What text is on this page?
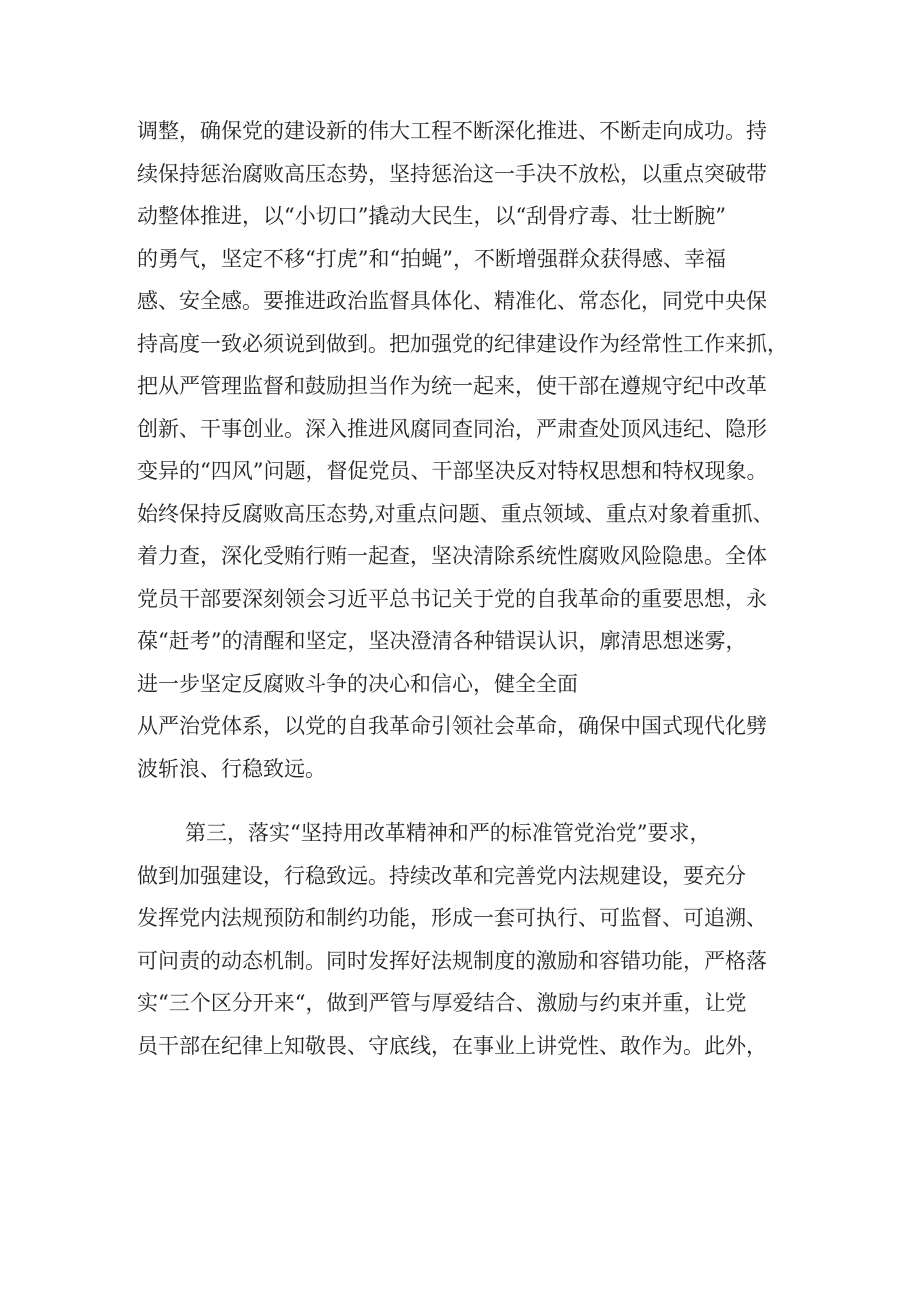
调整，确保党的建设新的伟大工程不断深化推进、不断走向成功。持
续保持惩治腐败高压态势，坚持惩治这一手决不放松，以重点突破带
动整体推进，以“小切口”撬动大民生，以“刮骨疗毒、壮士断腕”
的勇气，坚定不移“打虎”和“拍蝇”，不断增强群众获得感、幸福
感、安全感。要推进政治监督具体化、精准化、常态化，同党中央保
持高度一致必须说到做到。把加强党的纪律建设作为经常性工作来抓，
把从严管理监督和鼓励担当作为统一起来，使干部在遵规守纪中改革
创新、干事创业。深入推进风腐同查同治，严肃查处顶风违纪、隐形
变异的“四风”问题，督促党员、干部坚决反对特权思想和特权现象。
始终保持反腐败高压态势,对重点问题、重点领域、重点对象着重抓、
着力查，深化受贿行贿一起查，坚决清除系统性腐败风险隐患。全体
党员干部要深刻领会习近平总书记关于党的自我革命的重要思想，永
葆“赶考”的清醒和坚定，坚决澄清各种错误认识，廓清思想迷雾，
进一步坚定反腐败斗争的决心和信心，健全全面
从严治党体系，以党的自我革命引领社会革命，确保中国式现代化劈
波斩浪、行稳致远。
第三，落实“坚持用改革精神和严的标准管党治党”要求，
做到加强建设，行稳致远。持续改革和完善党内法规建设，要充分
发挥党内法规预防和制约功能，形成一套可执行、可监督、可追溯、
可问责的动态机制。同时发挥好法规制度的激励和容错功能，严格落
实“三个区分开来“，做到严管与厚爱结合、激励与约束并重，让党
员干部在纪律上知敬畏、守底线，在事业上讲党性、敢作为。此外，
